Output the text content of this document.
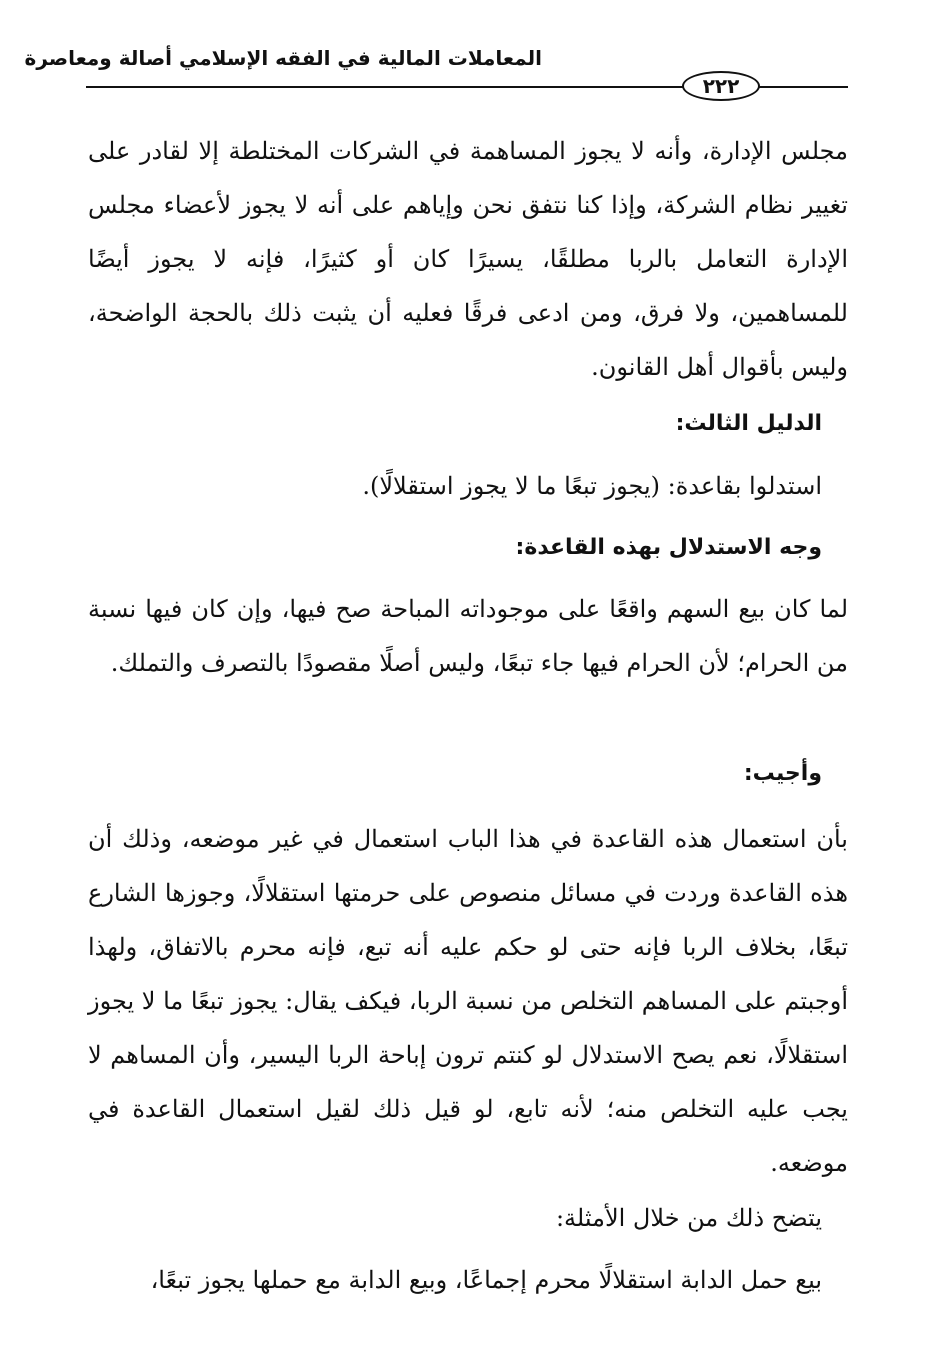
المعاملات المالية في الفقه الإسلامي أصالة ومعاصرة
٢٢٢
مجلس الإدارة، وأنه لا يجوز المساهمة في الشركات المختلطة إلا لقادر على تغيير نظام الشركة، وإذا كنا نتفق نحن وإياهم على أنه لا يجوز لأعضاء مجلس الإدارة التعامل بالربا مطلقًا، يسيرًا كان أو كثيرًا، فإنه لا يجوز أيضًا للمساهمين، ولا فرق، ومن ادعى فرقًا فعليه أن يثبت ذلك بالحجة الواضحة، وليس بأقوال أهل القانون.
الدليل الثالث:
استدلوا بقاعدة: (يجوز تبعًا ما لا يجوز استقلالًا).
وجه الاستدلال بهذه القاعدة:
لما كان بيع السهم واقعًا على موجوداته المباحة صح فيها، وإن كان فيها نسبة من الحرام؛ لأن الحرام فيها جاء تبعًا، وليس أصلًا مقصودًا بالتصرف والتملك.
وأجيب:
بأن استعمال هذه القاعدة في هذا الباب استعمال في غير موضعه، وذلك أن هذه القاعدة وردت في مسائل منصوص على حرمتها استقلالًا، وجوزها الشارع تبعًا، بخلاف الربا فإنه حتى لو حكم عليه أنه تبع، فإنه محرم بالاتفاق، ولهذا أوجبتم على المساهم التخلص من نسبة الربا، فيكف يقال: يجوز تبعًا ما لا يجوز استقلالًا، نعم يصح الاستدلال لو كنتم ترون إباحة الربا اليسير، وأن المساهم لا يجب عليه التخلص منه؛ لأنه تابع، لو قيل ذلك لقيل استعمال القاعدة في موضعه.
يتضح ذلك من خلال الأمثلة:
بيع حمل الدابة استقلالًا محرم إجماعًا، وبيع الدابة مع حملها يجوز تبعًا،
